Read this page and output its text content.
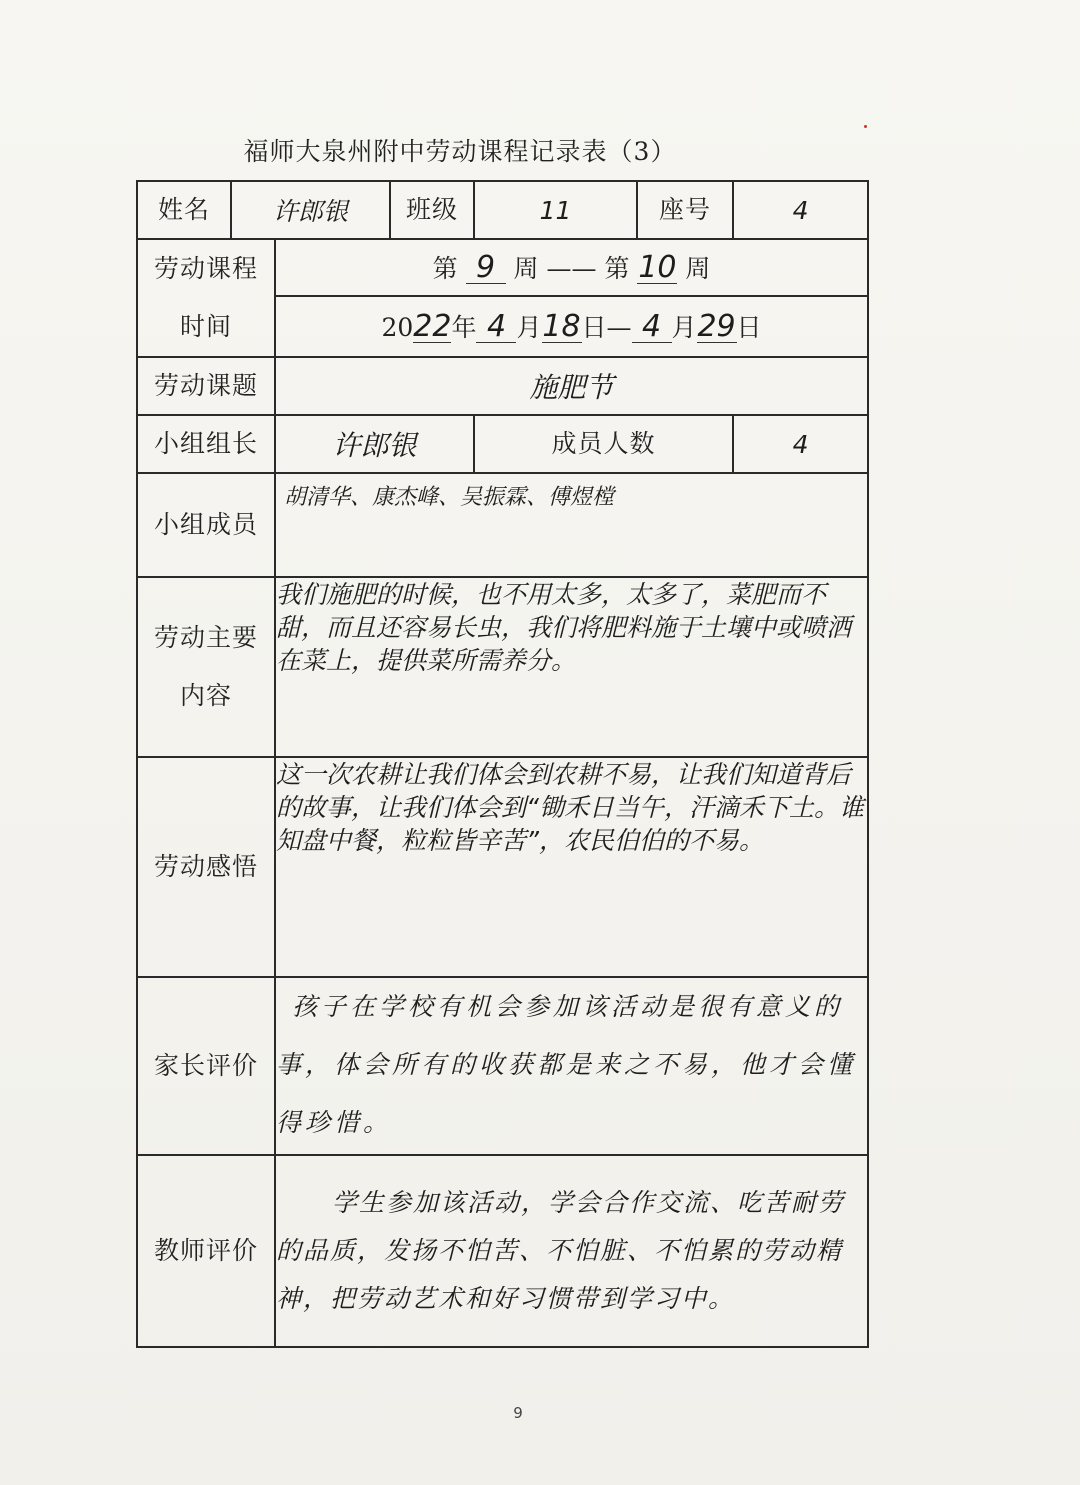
福师大泉州附中劳动课程记录表（3）
姓名	许郎银		班级	11	座号	4

劳动课程
时间		第 9 周 —— 第 10 周				
		2022年 4 月18日— 4 月29日				
劳动课题		施肥节				
小组组长		许郎银		成员人数		4
小组成员		胡清华、康杰峰、吴振霖、傅煜樘				

劳动主要
内容		我们施肥的时候，也不用太多，太多了，菜肥而不甜，而且还容易长虫，我们将肥料施于土壤中或喷洒在菜上，提供菜所需养分。				
劳动感悟		这一次农耕让我们体会到农耕不易，让我们知道背后的故事，让我们体会到“锄禾日当午，汗滴禾下土。谁知盘中餐，粒粒皆辛苦”，农民伯伯的不易。				
家长评价		孩子在学校有机会参加该活动是很有意义的事，体会所有的收获都是来之不易，他才会懂得珍惜。				
教师评价		学生参加该活动，学会合作交流、吃苦耐劳的品质，发扬不怕苦、不怕脏、不怕累的劳动精神，把劳动艺术和好习惯带到学习中。				
9
